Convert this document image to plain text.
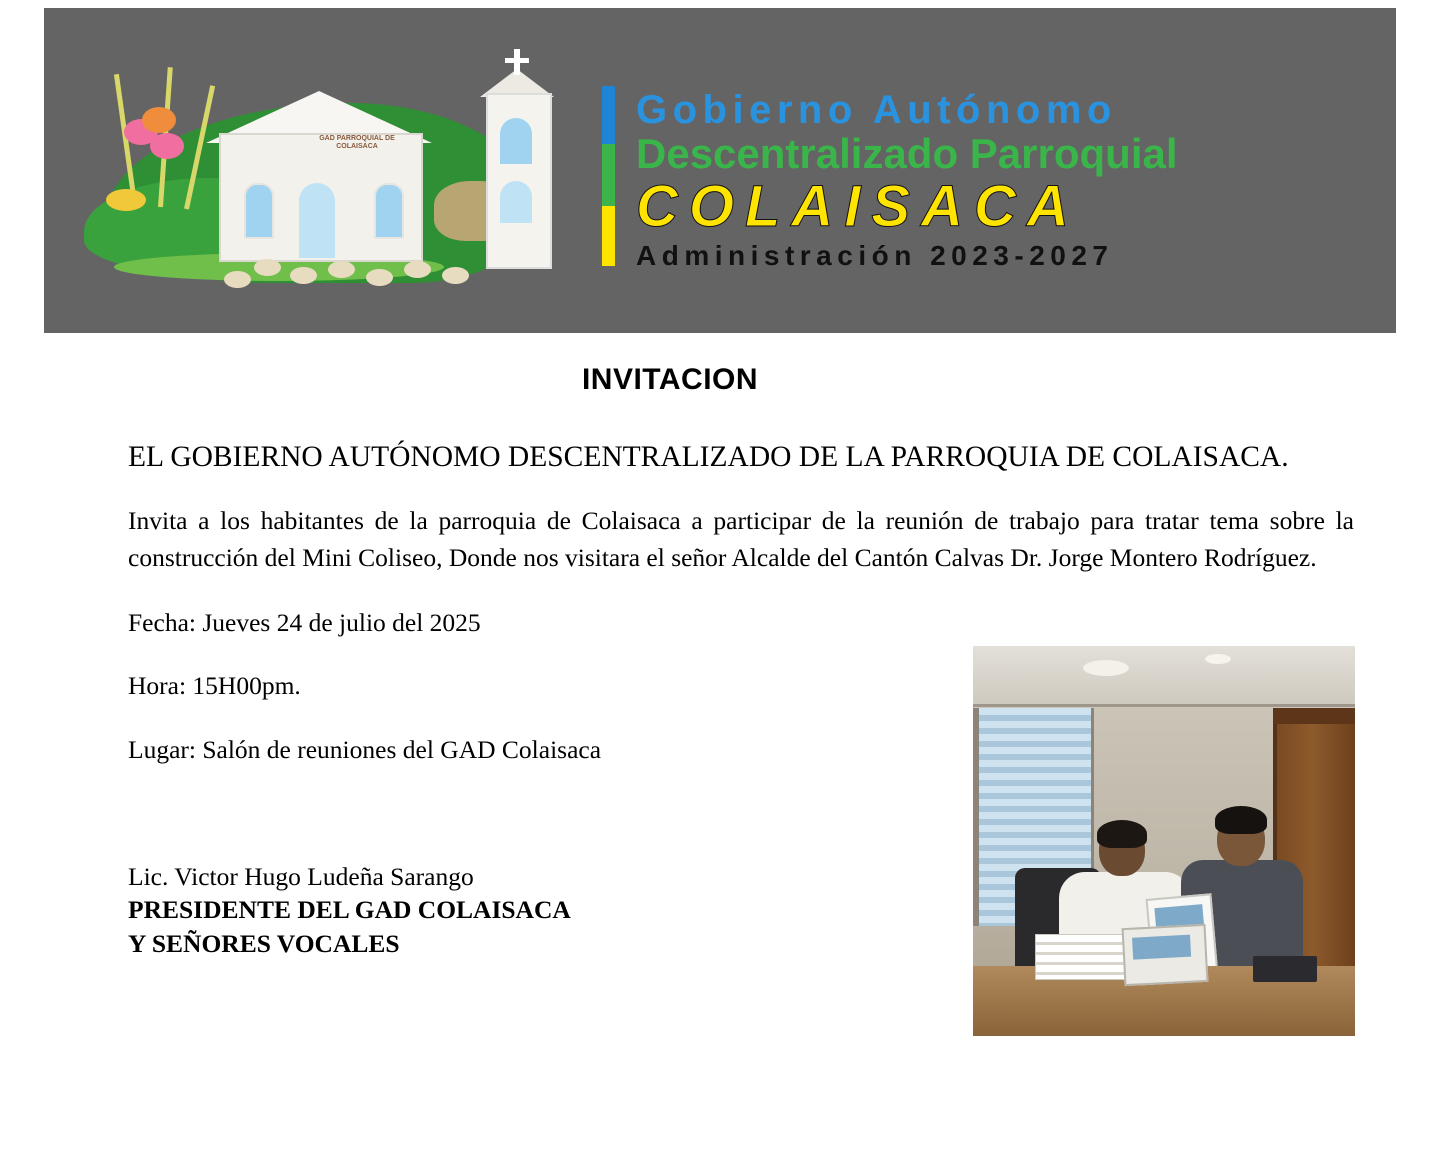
GAD PARROQUIAL DE COLAISACA
Gobierno Autónomo
Descentralizado Parroquial
COLAISACA
Administración 2023-2027
INVITACION
EL GOBIERNO AUTÓNOMO DESCENTRALIZADO DE LA PARROQUIA DE COLAISACA.
Invita a los habitantes de la parroquia de Colaisaca a participar de la reunión de trabajo para tratar tema sobre la construcción del Mini Coliseo, Donde nos visitara el señor Alcalde del Cantón Calvas Dr. Jorge Montero Rodríguez.
Fecha: Jueves 24 de julio del 2025
Hora: 15H00pm.
Lugar: Salón de reuniones del GAD Colaisaca
Lic. Victor Hugo Ludeña Sarango
PRESIDENTE DEL GAD COLAISACA
Y SEÑORES VOCALES
